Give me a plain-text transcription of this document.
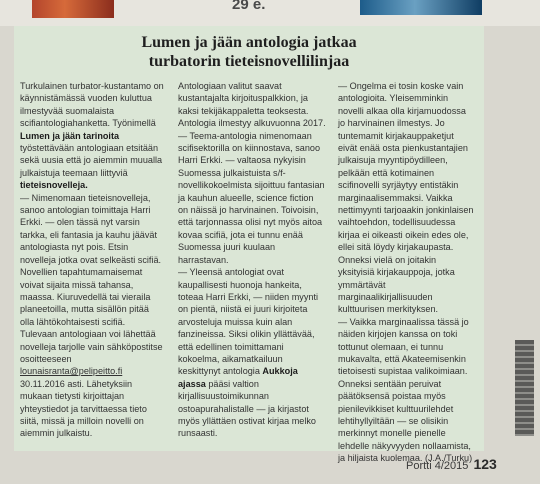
29 e.
Lumen ja jään antologia jatkaa
turbatorin tieteisnovellilinjaa

Turkulainen turbator-kustantamo on käynnistämässä vuoden kuluttua ilmestyvää suomalaista scifiantologiahanketta. Työnimellä Lumen ja jään tarinoita työstettävään antologiaan etsitään sekä uusia että jo aiemmin muualla julkaistuja teemaan liittyviä tieteisnovelleja.

— Nimenomaan tieteisnovelleja, sanoo antologian toimittaja Harri Erkki. — olen tässä nyt varsin tarkka, eli fantasia ja kauhu jäävät antologiasta nyt pois. Etsin novelleja jotka ovat selkeästi scifiä. Novellien tapahtumamaisemat voivat sijaita missä tahansa, maassa. Kiuruvedellä tai vieraila planeetoilla, mutta sisällön pitää olla lähtökohtaisesti scifiä.

Tulevaan antologiaan voi lähettää novelleja tarjolle vain sähköpostitse osoitteeseen lounaisranta@pelipeitto.fi 30.11.2016 asti. Lähetyksiin mukaan tietysti kirjoittajan yhteystiedot ja tarvittaessa tieto siitä, missä ja milloin novelli on aiemmin julkaistu.

Antologiaan valitut saavat kustantajalta kirjoituspalkkion, ja kaksi tekijäkappaletta teoksesta. Antologia ilmestyy alkuvuonna 2017.

— Teema-antologia nimenomaan scifisektorilla on kiinnostava, sanoo Harri Erkki. — valtaosa nykyisin Suomessa julkaistuista s/f-novellikokoelmista sijoittuu fantasian ja kauhun alueelle, science fiction on näissä jo harvinainen. Toivoisin, että tarjonnassa olisi nyt myös aitoa kovaa scifiä, jota ei tunnu enää Suomessa juuri kuulaan harrastavan.

— Yleensä antologiat ovat kaupallisesti huonoja hankeita, toteaa Harri Erkki, — niiden myynti on pientä, niistä ei juuri kirjoiteta arvosteluja muissa kuin alan fanzineissa. Siksi olikin yllättävää, että edellinen toimittamani kokoelma, aikamatkailuun keskittynyt antologia Aukkoja ajassa pääsi valtion kirjallisuustoimikunnan ostoapurahalistalle — ja kirjastot myös yllättäen ostivat kirjaa melko runsaasti.

— Ongelma ei tosin koske vain antologioita. Yleisemminkin novelli alkaa olla kirjamuodossa jo harvinainen ilmestys. Jo tuntemamit kirjakauppaketjut eivät enää osta pienkustantajien julkaisuja myyntipöydilleen, pelkään että kotimainen scifinovelli syrjäytyy entistäkin marginaalisemmaksi. Vaikka nettimyynti tarjoaakin jonkinlaisen vaihtoehdon, todellisuudessa kirjaa ei oikeasti oikein edes ole, ellei sitä löydy kirjakaupasta. Onneksi vielä on joitakin yksityisiä kirjakauppoja, jotka ymmärtävät marginaalikirjallisuuden kulttuurisen merkityksen.

— Vaikka marginaalissa tässä jo näiden kirjojen kanssa on toki tottunut olemaan, ei tunnu mukavalta, että Akateemisenkin tietoisesti supistaa valikoimiaan. Onneksi sentään peruivat päätöksensä poistaa myös pienilevikkiset kulttuurilehdet lehtihyllyiltään — se olisikin merkinnyt monelle pienelle lehdelle näkyvyyden nollaamista, ja hiljaista kuolemaa. (J.A./Turku)

Portti 4/2015 123
